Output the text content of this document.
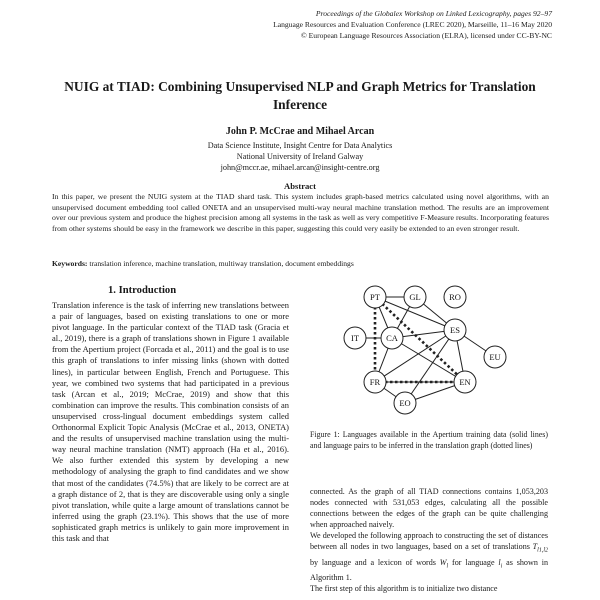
Proceedings of the Globalex Workshop on Linked Lexicography, pages 92–97
Language Resources and Evaluation Conference (LREC 2020), Marseille, 11–16 May 2020
© European Language Resources Association (ELRA), licensed under CC-BY-NC
NUIG at TIAD: Combining Unsupervised NLP and Graph Metrics for Translation Inference
John P. McCrae and Mihael Arcan
Data Science Institute, Insight Centre for Data Analytics
National University of Ireland Galway
john@mccr.ae, mihael.arcan@insight-centre.org
Abstract
In this paper, we present the NUIG system at the TIAD shard task. This system includes graph-based metrics calculated using novel algorithms, with an unsupervised document embedding tool called ONETA and an unsupervised multi-way neural machine translation method. The results are an improvement over our previous system and produce the highest precision among all systems in the task as well as very competitive F-Measure results. Incorporating features from other systems should be easy in the framework we describe in this paper, suggesting this could very easily be extended to an even stronger result.
Keywords: translation inference, machine translation, multiway translation, document embeddings
1. Introduction

Translation inference is the task of inferring new translations between a pair of languages, based on existing translations to one or more pivot language. In the particular context of the TIAD task (Gracia et al., 2019), there is a graph of translations shown in Figure 1 available from the Apertium project (Forcada et al., 2011) and the goal is to use this graph of translations to infer missing links (shown with dotted lines), in particular between English, French and Portuguese. This year, we combined two systems that had participated in a previous task (Arcan et al., 2019; McCrae, 2019) and show that this combination can improve the results. This combination consists of an unsupervised cross-lingual document embeddings system called Orthonormal Explicit Topic Analysis (McCrae et al., 2013, ONETA) and the results of unsupervised machine translation using the multi-way neural machine translation (NMT) approach (Ha et al., 2016). We also further extended this system by developing a new methodology of analysing the graph to find candidates and we show that most of the candidates (74.5%) that are likely to be correct are at a graph distance of 2, that is they are discoverable using only a single pivot translation, while quite a large amount of translations cannot be inferred using the graph (23.1%). This shows that the use of more sophisticated graph metrics is unlikely to gain more improvement in this task and that

PT	GL	RO
IT	CA
ES
EU
FR	EN
EO
Figure 1: Languages available in the Apertium training data (solid lines) and language pairs to be inferred in the translation graph (dotted lines)

connected. As the graph of all TIAD connections contains 1,053,203 nodes connected with 531,053 edges, calculating all the possible connections between the edges of the graph can be quite challenging when approached naively.

We developed the following approach to constructing the set of distances between all nodes in two languages, based on a set of translations $T_{l1,l2}$ by language and a lexicon of words $W_l$ for language $l_i$ as shown in Algorithm 1.

The first step of this algorithm is to initialize two distance
